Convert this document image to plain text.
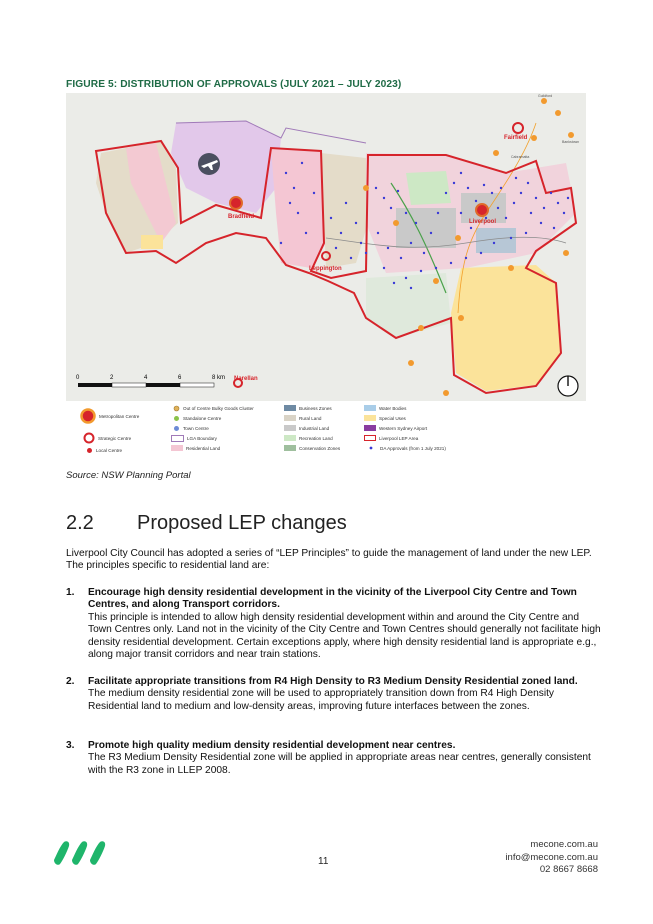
FIGURE 5: DISTRIBUTION OF APPROVALS (JULY 2021 – JULY 2023)
Bradfield
Liverpool
Leppington
Fairfield
Narellan
Guildford
Cabramatta
Bankstown
0	2	4	6	8 km
Metropolitan Centre
Strategic Centre
Local Centre
Out of Centre Bulky Goods Cluster
Standalone Centre
Town Centre
LGA Boundary
Residential Land
Business Zones
Rural Land
Industrial Land
Recreation Land
Conservation Zones
Water Bodies
Special Uses
Western Sydney Airport
Liverpool LEP Area
DA Approvals (from 1 July 2021)
Source: NSW Planning Portal
2.2 Proposed LEP changes
Liverpool City Council has adopted a series of “LEP Principles” to guide the management of land under the new LEP. The principles specific to residential land are:
1. Encourage high density residential development in the vicinity of the Liverpool City Centre and Town Centres, and along Transport corridors.
This principle is intended to allow high density residential development within and around the City Centre and Town Centres only. Land not in the vicinity of the City Centre and Town Centres should generally not facilitate high density residential development. Certain exceptions apply, where high density residential land is appropriate e.g., along major transit corridors and near train stations.
2. Facilitate appropriate transitions from R4 High Density to R3 Medium Density Residential zoned land.
The medium density residential zone will be used to appropriately transition down from R4 High Density Residential land to medium and low-density areas, improving future interfaces between the zones.
3. Promote high quality medium density residential development near centres.
The R3 Medium Density Residential zone will be applied in appropriate areas near centres, generally consistent with the R3 zone in LLEP 2008.
11
mecone.com.au
info@mecone.com.au
02 8667 8668
